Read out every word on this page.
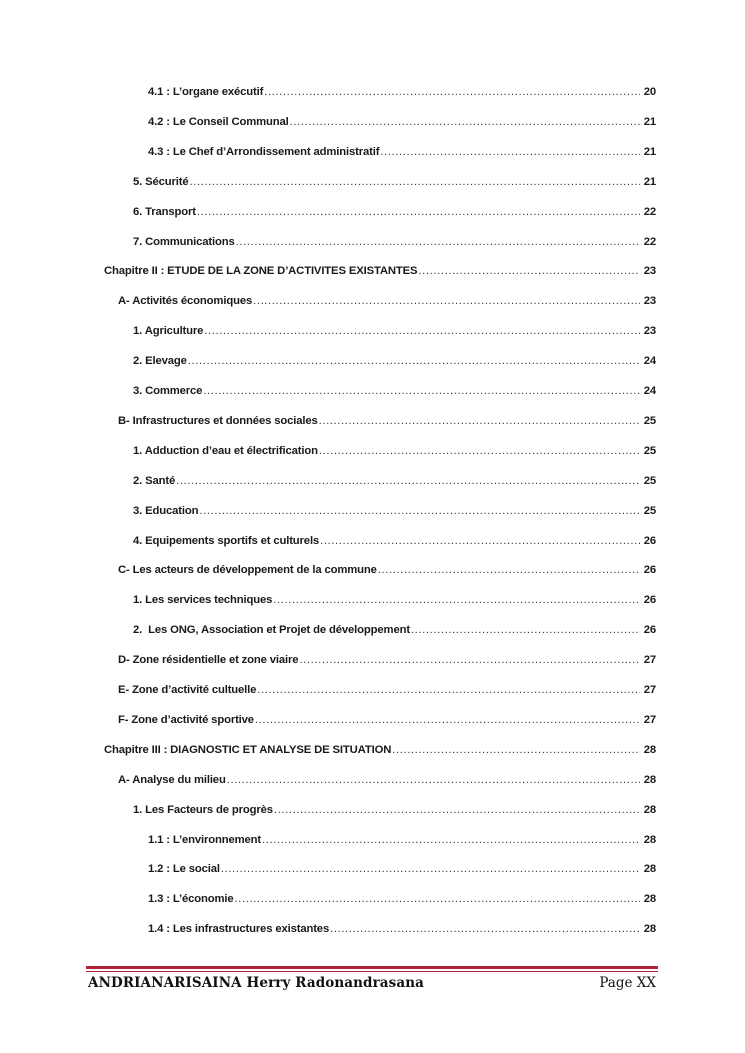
4.1 : L’organe exécutif .....	20
4.2 : Le Conseil Communal .....	21
4.3 : Le Chef d’Arrondissement administratif .....	21
5. Sécurité .....	21
6. Transport .....	22
7. Communications .....	22
Chapitre II : ETUDE DE LA ZONE D’ACTIVITES EXISTANTES .....	23
A- Activités économiques .....	23
1. Agriculture .....	23
2. Elevage .....	24
3. Commerce .....	24
B- Infrastructures et données sociales .....	25
1. Adduction d’eau et électrification .....	25
2. Santé .....	25
3. Education .....	25
4. Equipements sportifs et culturels .....	26
C- Les acteurs de développement de la commune .....	26
1. Les services techniques .....	26
2.  Les ONG, Association et Projet de développement .....	26
D- Zone résidentielle et zone viaire .....	27
E- Zone d’activité cultuelle .....	27
F- Zone d’activité sportive .....	27
Chapitre III : DIAGNOSTIC ET ANALYSE DE SITUATION .....	28
A- Analyse du milieu .....	28
1. Les Facteurs de progrès .....	28
1.1 : L’environnement .....	28
1.2 : Le social .....	28
1.3 : L’économie .....	28
1.4 : Les infrastructures existantes .....	28
ANDRIANARISAINA Herry Radonandrasana	Page XX
